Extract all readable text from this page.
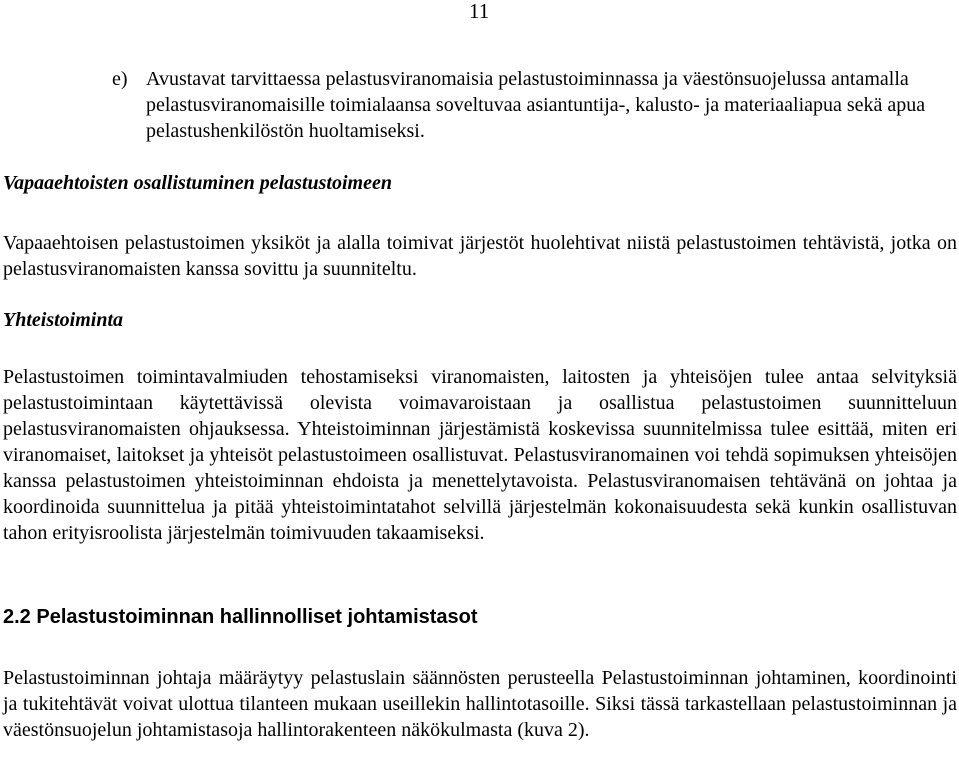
11
e) Avustavat tarvittaessa pelastusviranomaisia pelastustoiminnassa ja väestönsuojelussa antamalla pelastusviranomaisille toimialaansa soveltuvaa asiantuntija-, kalusto- ja materiaaliapua sekä apua pelastushenkilöstön huoltamiseksi.
Vapaaehtoisten osallistuminen pelastustoimeen
Vapaaehtoisen pelastustoimen yksiköt ja alalla toimivat järjestöt huolehtivat niistä pelastustoimen tehtävistä, jotka on pelastusviranomaisten kanssa sovittu ja suunniteltu.
Yhteistoiminta
Pelastustoimen toimintavalmiuden tehostamiseksi viranomaisten, laitosten ja yhteisöjen tulee antaa selvityksiä pelastustoimintaan käytettävissä olevista voimavaroistaan ja osallistua pelastustoimen suunnitteluun pelastusviranomaisten ohjauksessa. Yhteistoiminnan järjestämistä koskevissa suunnitelmissa tulee esittää, miten eri viranomaiset, laitokset ja yhteisöt pelastustoimeen osallistuvat. Pelastusviranomainen voi tehdä sopimuksen yhteisöjen kanssa pelastustoimen yhteistoiminnan ehdoista ja menettelytavoista. Pelastusviranomaisen tehtävänä on johtaa ja koordinoida suunnittelua ja pitää yhteistoimintatahot selvillä järjestelmän kokonaisuudesta sekä kunkin osallistuvan tahon erityisroolista järjestelmän toimivuuden takaamiseksi.
2.2 Pelastustoiminnan hallinnolliset johtamistasot
Pelastustoiminnan johtaja määräytyy pelastuslain säännösten perusteella Pelastustoiminnan johtaminen, koordinointi ja tukitehtävät voivat ulottua tilanteen mukaan useillekin hallintotasoille. Siksi tässä tarkastellaan pelastustoiminnan ja väestönsuojelun johtamistasoja hallintorakenteen näkökulmasta (kuva 2).
